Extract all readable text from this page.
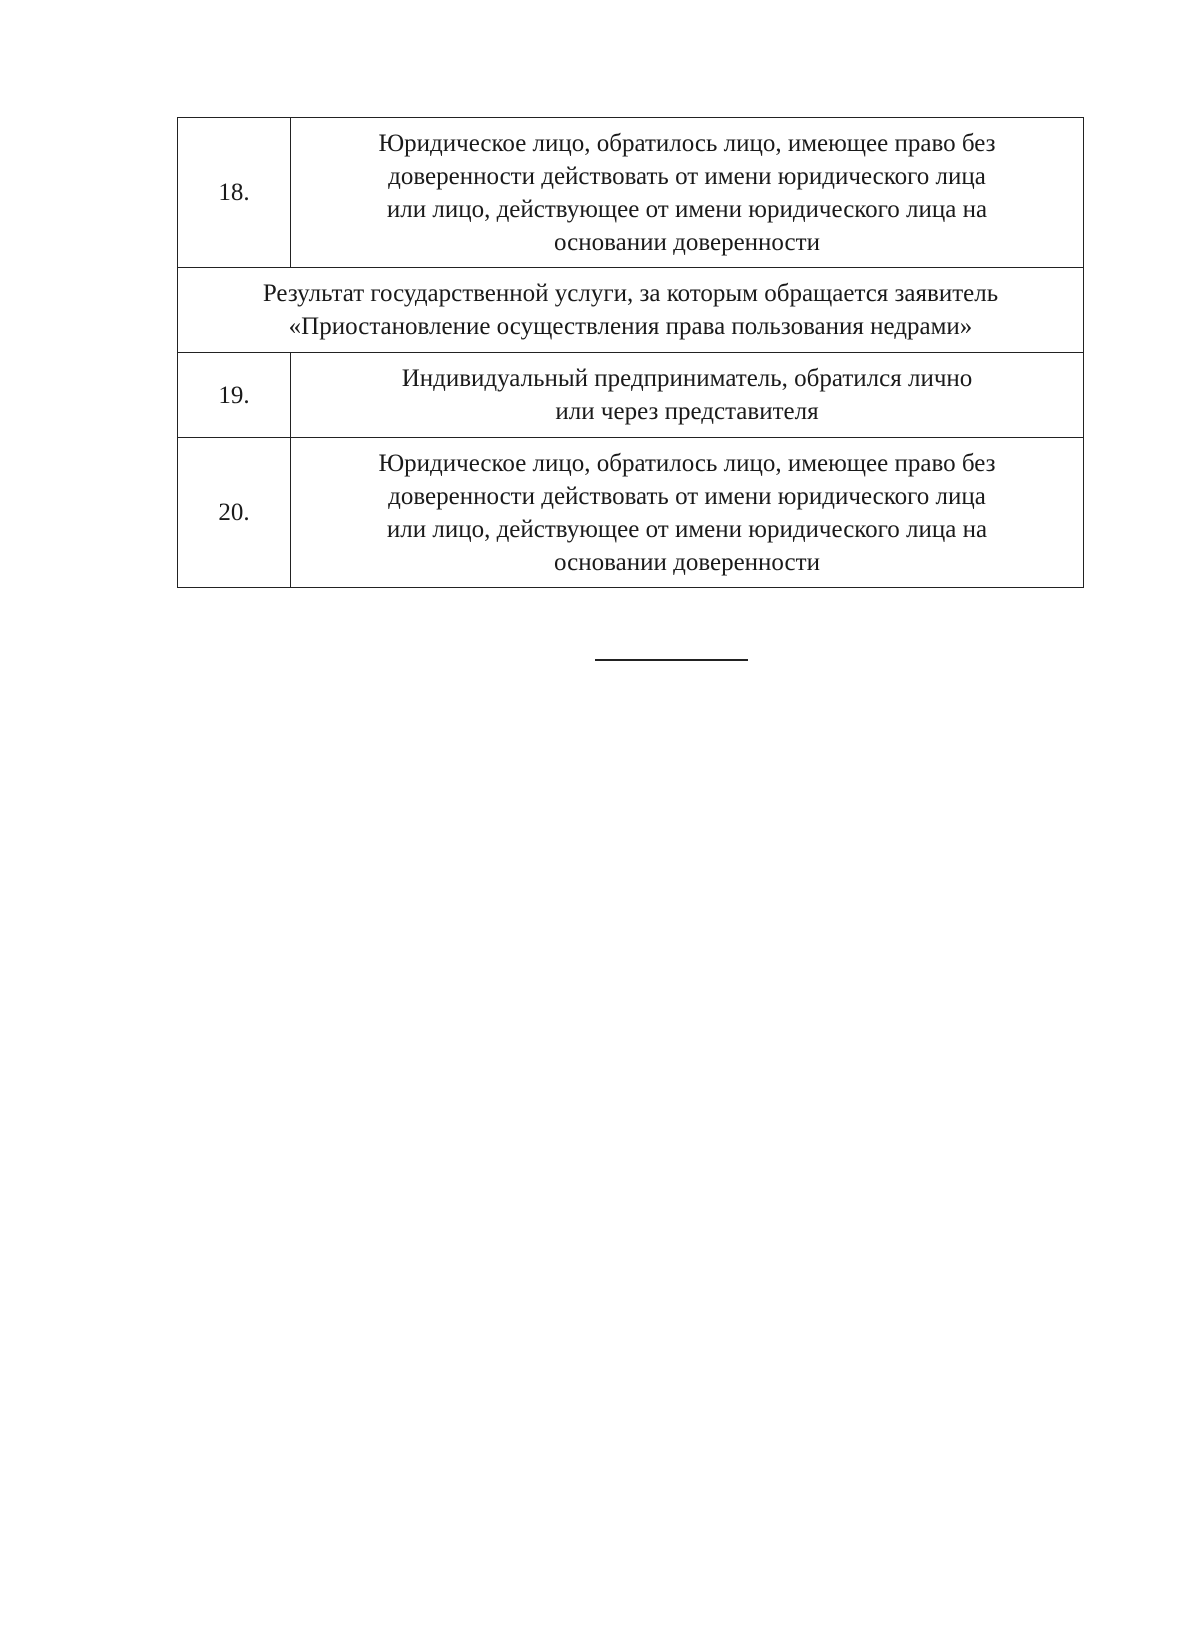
18.	Юридическое лицо, обратилось лицо, имеющее право без
доверенности действовать от имени юридического лица
или лицо, действующее от имени юридического лица на
основании доверенности

Результат государственной услуги, за которым обращается заявитель
«Приостановление осуществления права пользования недрами»	

19.	Индивидуальный предприниматель, обратился лично
или через представителя

20.	Юридическое лицо, обратилось лицо, имеющее право без
доверенности действовать от имени юридического лица
или лицо, действующее от имени юридического лица на
основании доверенности
